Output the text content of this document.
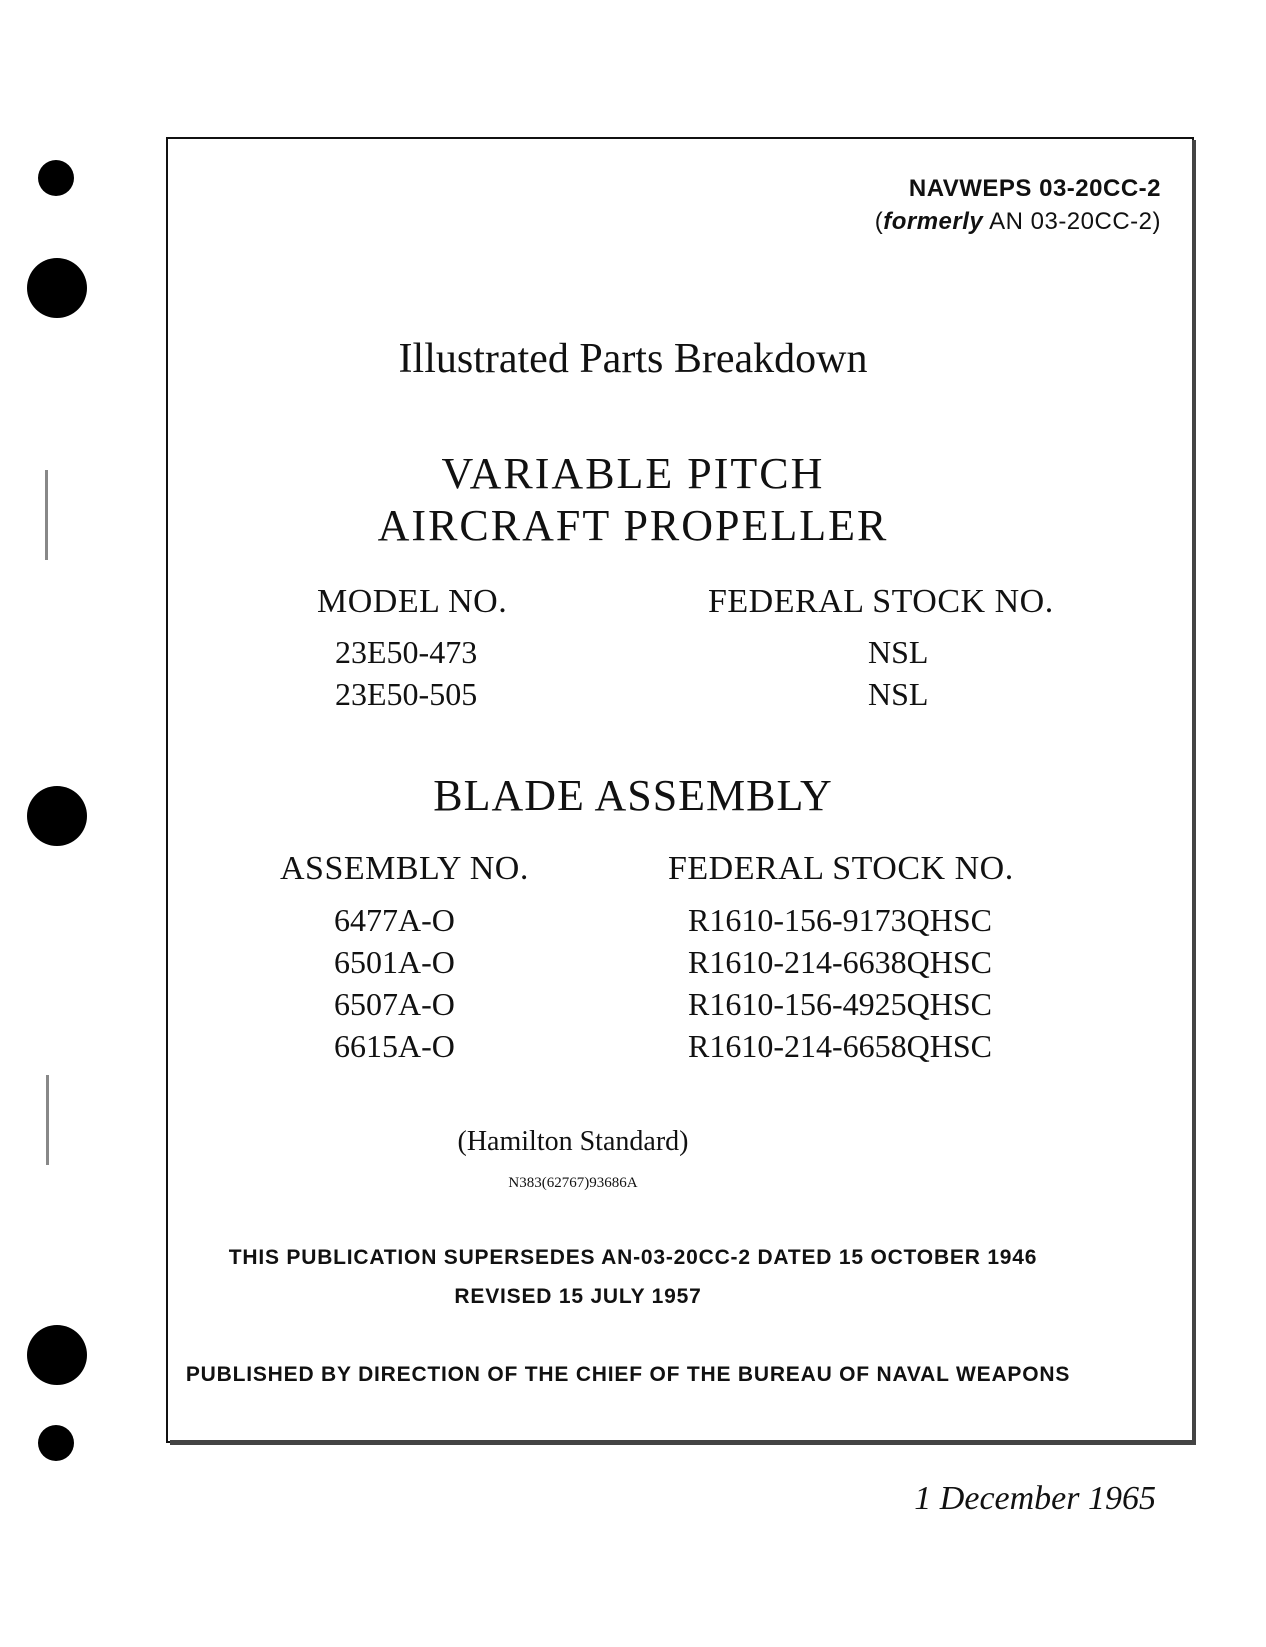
NAVWEPS 03-20CC-2
(formerly AN 03-20CC-2)
Illustrated Parts Breakdown
VARIABLE PITCH
AIRCRAFT PROPELLER
MODEL NO.	FEDERAL STOCK NO.
23E50-473	NSL
23E50-505	NSL
BLADE ASSEMBLY
ASSEMBLY NO.	FEDERAL STOCK NO.
6477A-O	R1610-156-9173QHSC
6501A-O	R1610-214-6638QHSC
6507A-O	R1610-156-4925QHSC
6615A-O	R1610-214-6658QHSC
(Hamilton Standard)
N383(62767)93686A
THIS PUBLICATION SUPERSEDES AN-03-20CC-2 DATED 15 OCTOBER 1946
REVISED 15 JULY 1957
PUBLISHED BY DIRECTION OF THE CHIEF OF THE BUREAU OF NAVAL WEAPONS
1 December 1965
